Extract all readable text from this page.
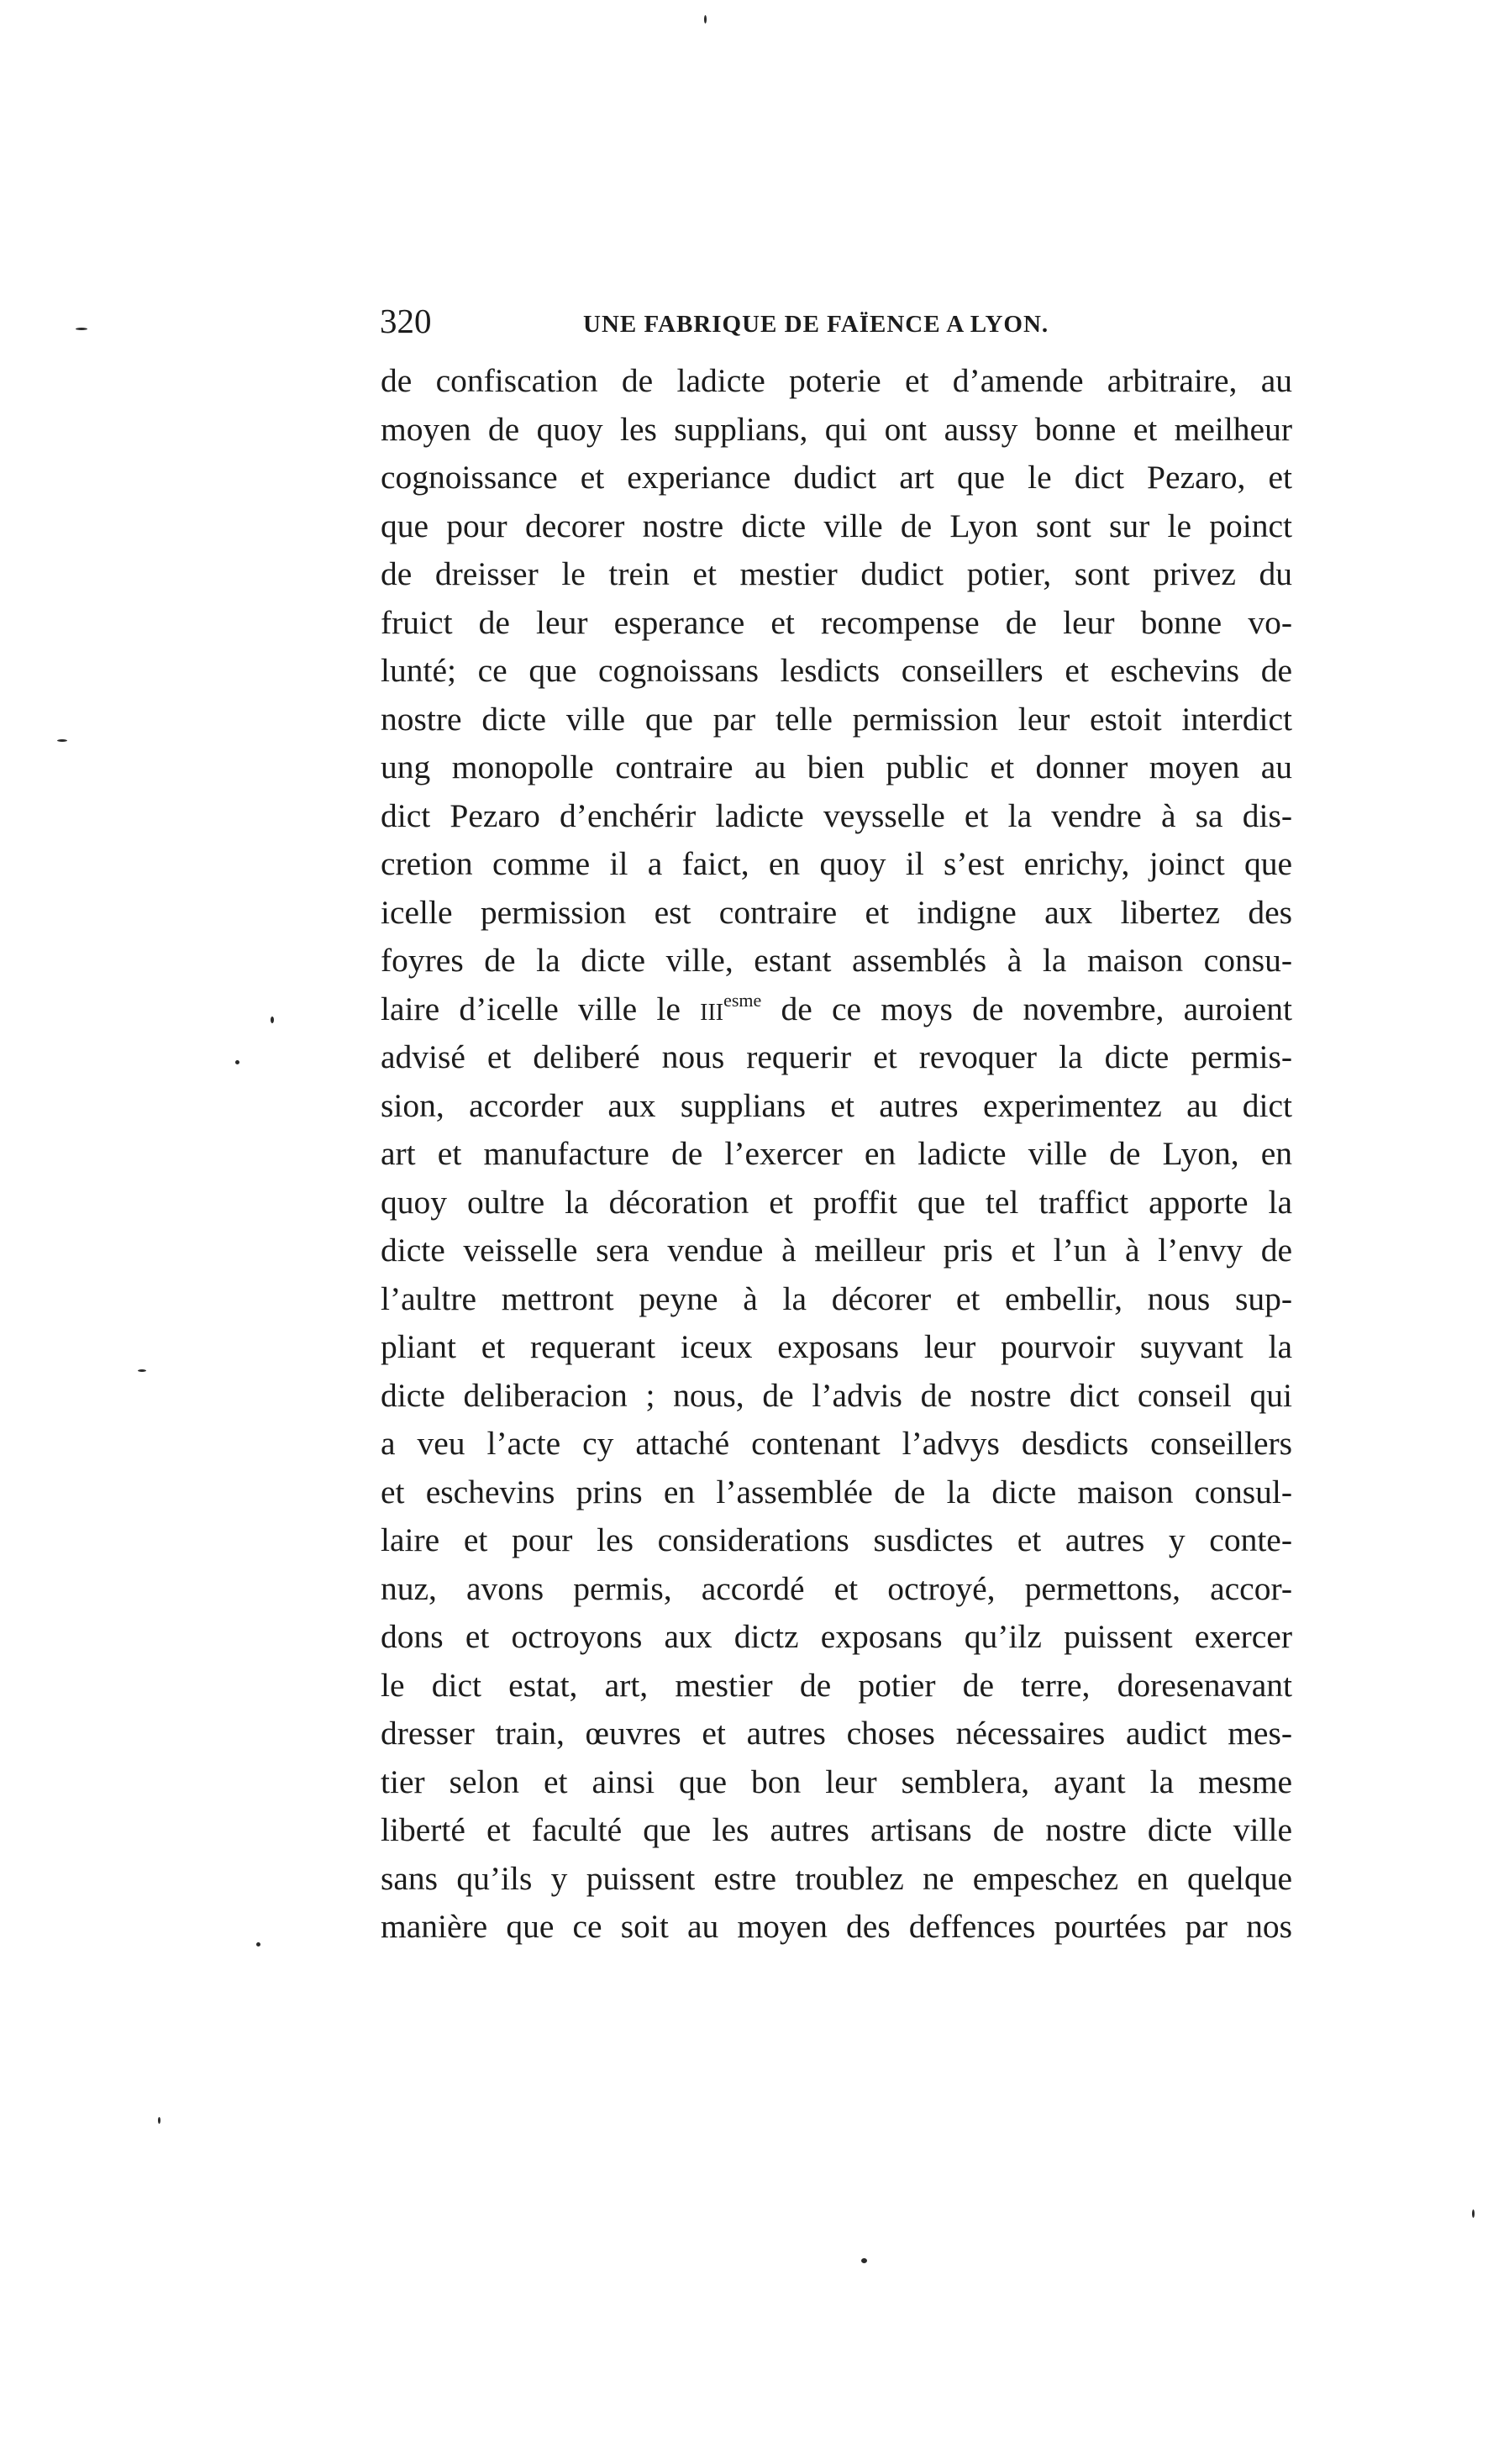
320	UNE FABRIQUE DE FAÏENCE A LYON.
de confiscation de ladicte poterie et d’amende arbitraire, au
moyen de quoy les supplians, qui ont aussy bonne et meilheur
cognoissance et experiance dudict art que le dict Pezaro, et
que pour decorer nostre dicte ville de Lyon sont sur le poinct
de dreisser le trein et mestier dudict potier, sont privez du
fruict de leur esperance et recompense de leur bonne vo-
lunté; ce que cognoissans lesdicts conseillers et eschevins de
nostre dicte ville que par telle permission leur estoit interdict
ung monopolle contraire au bien public et donner moyen au
dict Pezaro d’enchérir ladicte veysselle et la vendre à sa dis-
cretion comme il a faict, en quoy il s’est enrichy, joinct que
icelle permission est contraire et indigne aux libertez des
foyres de la dicte ville, estant assemblés à la maison consu-
laire d’icelle ville le iii$^{esme}$ de ce moys de novembre, auroient
advisé et deliberé nous requerir et revoquer la dicte permis-
sion, accorder aux supplians et autres experimentez au dict
art et manufacture de l’exercer en ladicte ville de Lyon, en
quoy oultre la décoration et proffit que tel traffict apporte la
dicte veisselle sera vendue à meilleur pris et l’un à l’envy de
l’aultre mettront peyne à la décorer et embellir, nous sup-
pliant et requerant iceux exposans leur pourvoir suyvant la
dicte deliberacion ; nous, de l’advis de nostre dict conseil qui
a veu l’acte cy attaché contenant l’advys desdicts conseillers
et eschevins prins en l’assemblée de la dicte maison consul-
laire et pour les considerations susdictes et autres y conte-
nuz, avons permis, accordé et octroyé, permettons, accor-
dons et octroyons aux dictz exposans qu’ilz puissent exercer
le dict estat, art, mestier de potier de terre, doresenavant
dresser train, œuvres et autres choses nécessaires audict mes-
tier selon et ainsi que bon leur semblera, ayant la mesme
liberté et faculté que les autres artisans de nostre dicte ville
sans qu’ils y puissent estre troublez ne empeschez en quelque
manière que ce soit au moyen des deffences pourtées par nos
